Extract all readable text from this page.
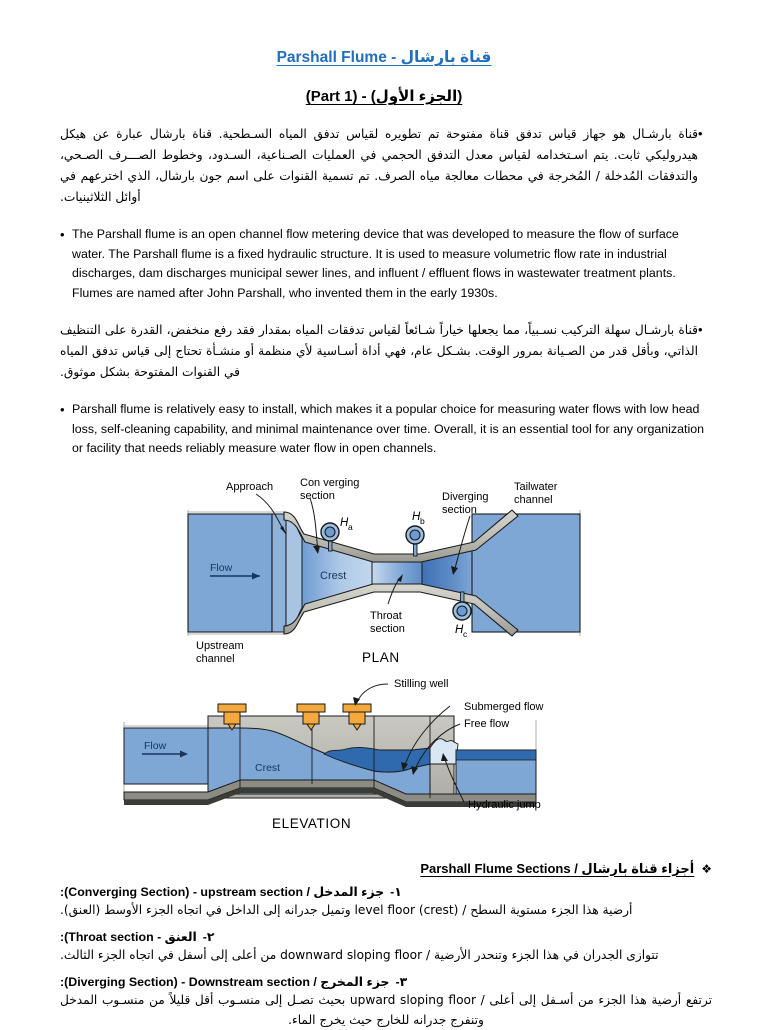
قناة بارشال - Parshall Flume
(الجزء الأول) - (Part 1)
•
قناة بارشـال هو جهاز قياس تدفق قناة مفتوحة تم تطويره لقياس تدفق المياه السـطحية. قناة بارشال عبارة عن هيكل هيدروليكي ثابت. يتم اسـتخدامه لقياس معدل التدفق الحجمي في العمليات الصـناعية، السـدود، وخطوط الصـــرف الصـحي، والتدفقات المُدخلة / المُخرجة في محطات معالجة مياه الصرف. تم تسمية القنوات على اسم جون بارشال، الذي اخترعهم في أوائل الثلاثينيات.
• The Parshall flume is an open channel flow metering device that was developed to measure the flow of surface water. The Parshall flume is a fixed hydraulic structure. It is used to measure volumetric flow rate in industrial discharges, dam discharges municipal sewer lines, and influent / effluent flows in wastewater treatment plants. Flumes are named after John Parshall, who invented them in the early 1930s.
•
قناة بارشـال سهلة التركيب نسـبياً، مما يجعلها خياراً شـائعاً لقياس تدفقات المياه بمقدار فقد رفع منخفض، القدرة على التنظيف الذاتي، وبأقل قدر من الصـيانة بمرور الوقت. بشـكل عام، فهي أداة أسـاسية لأي منظمة أو منشـأة تحتاج إلى قياس تدفق المياه في القنوات المفتوحة بشكل موثوق.
• Parshall flume is relatively easy to install, which makes it a popular choice for measuring water flows with low head loss, self-cleaning capability, and minimal maintenance over time. Overall, it is an essential tool for any organization or facility that needs reliably measure water flow in open channels.
Flow
H a
H b
H c
Approach Con verging
section	Diverging
section
Throat
section
Tailwater
channel
Upstream
channel
Crest
PLAN
Flow
Crest
Stilling well
Submerged flow
Free flow
Hydraulic jump
ELEVATION
❖
أجزاء قناة بارشال / Parshall Flume Sections
١-
جزء المدخل / Converging Section) - upstream section):
أرضية هذا الجزء مستوية السطح / level floor (crest) وتميل جدرانه إلى الداخل في اتجاه الجزء الأوسط (العنق).
٢-
العنق - Throat section):
تتوازى الجدران في هذا الجزء وتنحدر الأرضية / downward sloping floor من أعلى إلى أسفل في اتجاه الجزء الثالث.
٣-
جزء المخرج / Diverging Section) - Downstream section):
ترتفع أرضية هذا الجزء من أسـفل إلى أعلى / upward sloping floor بحيث تصـل إلى منسـوب أقل قليلاً من منسـوب المدخل وتنفرج جدرانه للخارج حيث يخرج الماء.
